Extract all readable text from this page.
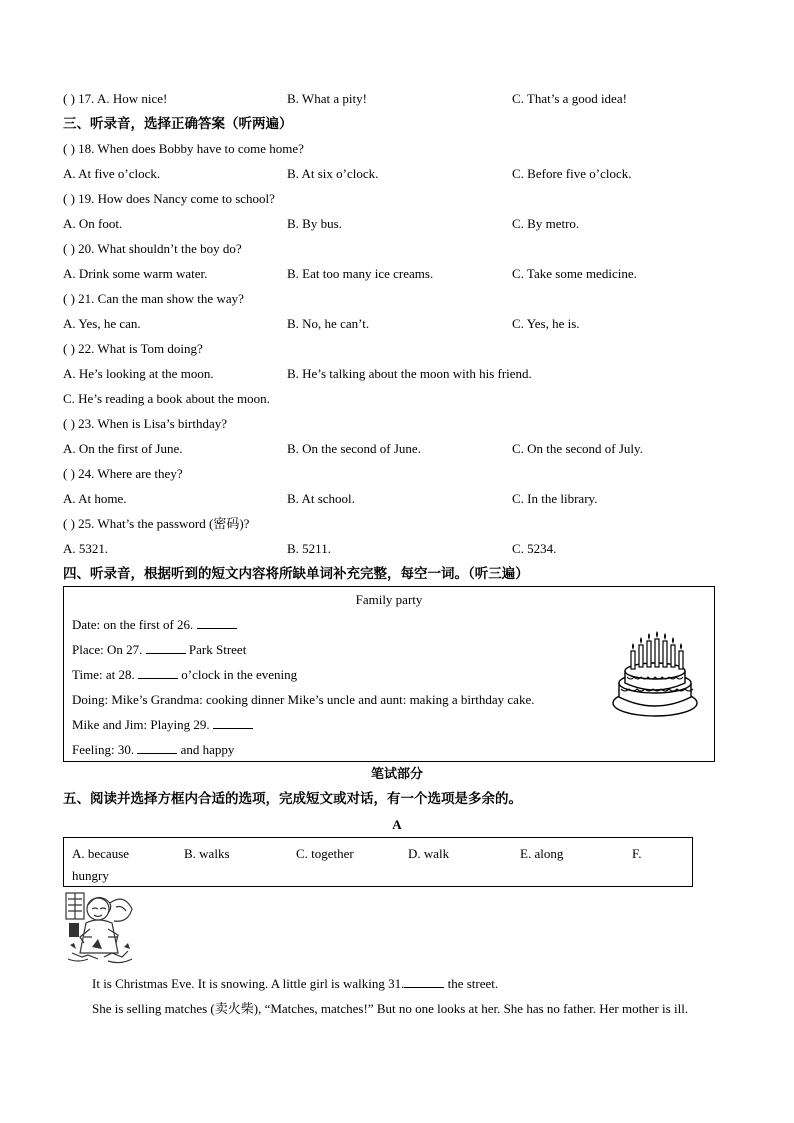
( ) 17. A. How nice!	B. What a pity!	C. That’s a good idea!
三、听录音，选择正确答案（听两遍）
( ) 18. When does Bobby have to come home?
A. At five o’clock.	B. At six o’clock.	C. Before five o’clock.
( ) 19. How does Nancy come to school?
A. On foot.	B. By bus.	C. By metro.
( ) 20. What shouldn’t the boy do?
A. Drink some warm water.	B. Eat too many ice creams.	C. Take some medicine.
( ) 21. Can the man show the way?
A. Yes, he can.	B. No, he can’t.	C. Yes, he is.
( ) 22. What is Tom doing?
A. He’s looking at the moon.	B. He’s talking about the moon with his friend.
C. He’s reading a book about the moon.
( ) 23. When is Lisa’s birthday?
A. On the first of June.	B. On the second of June.	C. On the second of July.
( ) 24. Where are they?
A. At home.	B. At school.	C. In the library.
( ) 25. What’s the password (密码)?
A. 5321.	B. 5211.	C. 5234.
四、听录音，根据听到的短文内容将所缺单词补充完整，每空一词。（听三遍）
Family party
Date: on the first of 26.
Place: On 27.	Park Street
Time: at 28.	o’clock in the evening
Doing: Mike’s Grandma: cooking dinner Mike’s uncle and aunt: making a birthday cake.
Mike and Jim: Playing 29.
Feeling: 30.	and happy
笔试部分
五、阅读并选择方框内合适的选项，完成短文或对话，有一个选项是多余的。
A
A. because	B. walks	C. together	D. walk	E. along	F.
hungry
It is Christmas Eve. It is snowing. A little girl is walking 31.	the street.
She is selling matches (卖火柴), “Matches, matches!” But no one looks at her. She has no father. Her mother is ill.
